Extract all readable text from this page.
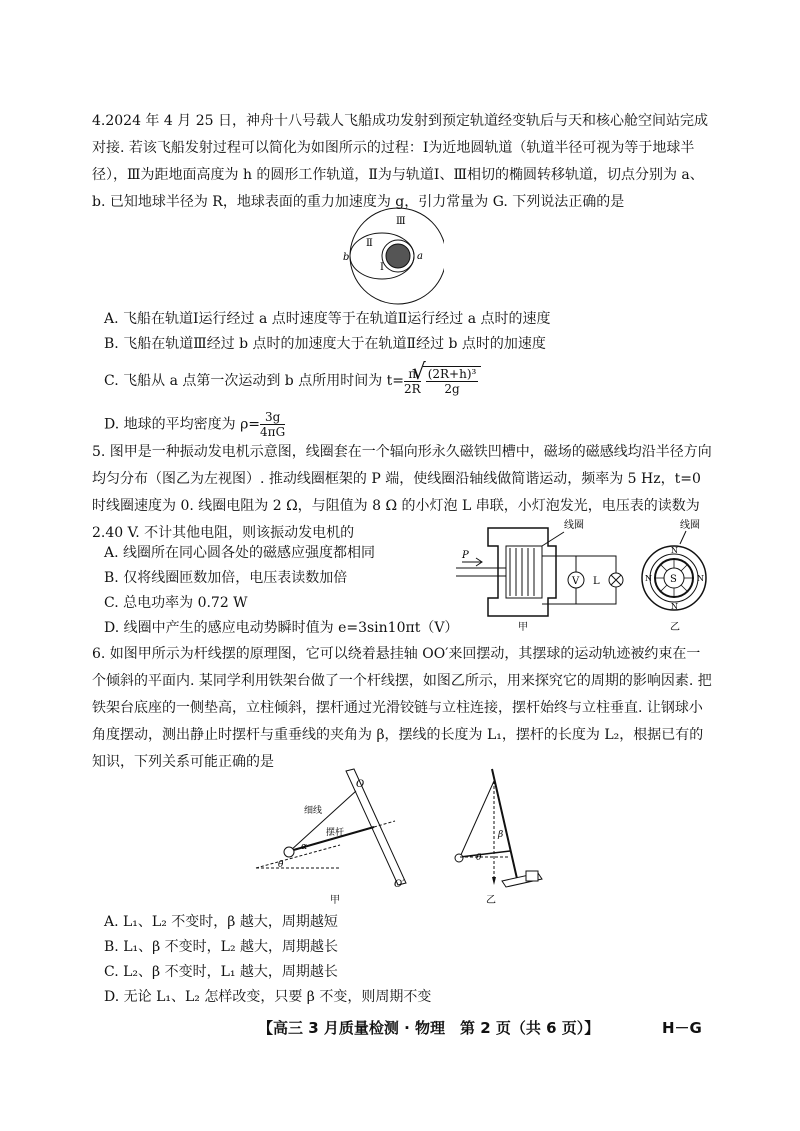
4.2024 年 4 月 25 日，神舟十八号载人飞船成功发射到预定轨道经变轨后与天和核心舱空间站完成对接. 若该飞船发射过程可以简化为如图所示的过程：Ⅰ为近地圆轨道（轨道半径可视为等于地球半径），Ⅲ为距地面高度为 h 的圆形工作轨道，Ⅱ为与轨道Ⅰ、Ⅲ相切的椭圆转移轨道，切点分别为 a、b. 已知地球半径为 R，地球表面的重力加速度为 g，引力常量为 G. 下列说法正确的是

Ⅲ
Ⅱ
Ⅰ
a
b
A. 飞船在轨道Ⅰ运行经过 a 点时速度等于在轨道Ⅱ运行经过 a 点时的速度
B. 飞船在轨道Ⅲ经过 b 点时的加速度大于在轨道Ⅱ经过 b 点时的加速度
C. 飞船从 a 点第一次运动到 b 点所用时间为 $t= \frac{\pi}{2R}$
√ $\frac{\text{(2R+h)³}}{2g}$
D. 地球的平均密度为 $\rho= \frac{3g}{4\pi G}$

5. 图甲是一种振动发电机示意图，线圈套在一个辐向形永久磁铁凹槽中，磁场的磁感线均沿半径方向均匀分布（图乙为左视图）. 推动线圈框架的 P 端，使线圈沿轴线做简谐运动，频率为 5 Hz，t=0 时线圈速度为 0. 线圈电阻为 2 Ω，与阻值为 8 Ω 的小灯泡 L 串联，小灯泡发光，电压表的读数为 2.40 V. 不计其他电阻，则该振动发电机的

A. 线圈所在同心圆各处的磁感应强度都相同
B. 仅将线圈匝数加倍，电压表读数加倍
C. 总电功率为 0.72 W
D. 线圈中产生的感应电动势瞬时值为 e=3sin10πt（V）
P
线圈
V L
甲
线圈
S
N
N
N	N
乙

6. 如图甲所示为杆线摆的原理图，它可以绕着悬挂轴 OO′来回摆动，其摆球的运动轨迹被约束在一个倾斜的平面内. 某同学利用铁架台做了一个杆线摆，如图乙所示，用来探究它的周期的影响因素. 把铁架台底座的一侧垫高，立柱倾斜，摆杆通过光滑铰链与立柱连接，摆杆始终与立柱垂直. 让钢球小角度摆动，测出静止时摆杆与重垂线的夹角为 β，摆线的长度为 L₁，摆杆的长度为 L₂，根据已有的知识，下列关系可能正确的是

O
O′
细线
摆杆
α
θ
甲
β
θ
乙
A. L₁、L₂ 不变时，β 越大，周期越短
B. L₁、β 不变时，L₂ 越大，周期越长
C. L₂、β 不变时，L₁ 越大，周期越长
D. 无论 L₁、L₂ 怎样改变，只要 β 不变，则周期不变
【高三 3 月质量检测 · 物理　第 2 页（共 6 页）】	H－G
